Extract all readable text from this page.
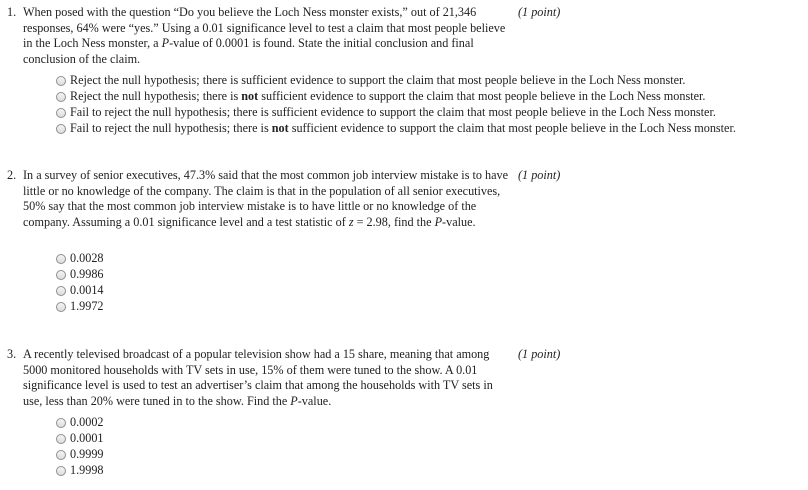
1. When posed with the question “Do you believe the Loch Ness monster exists,” out of 21,346 responses, 64% were “yes.” Using a 0.01 significance level to test a claim that most people believe in the Loch Ness monster, a P-value of 0.0001 is found. State the initial conclusion and final conclusion of the claim.
(1 point)
Reject the null hypothesis; there is sufficient evidence to support the claim that most people believe in the Loch Ness monster.
Reject the null hypothesis; there is not sufficient evidence to support the claim that most people believe in the Loch Ness monster.
Fail to reject the null hypothesis; there is sufficient evidence to support the claim that most people believe in the Loch Ness monster.
Fail to reject the null hypothesis; there is not sufficient evidence to support the claim that most people believe in the Loch Ness monster.
2. In a survey of senior executives, 47.3% said that the most common job interview mistake is to have little or no knowledge of the company. The claim is that in the population of all senior executives, 50% say that the most common job interview mistake is to have little or no knowledge of the company. Assuming a 0.01 significance level and a test statistic of z = 2.98, find the P-value.
(1 point)
0.0028
0.9986
0.0014
1.9972
3. A recently televised broadcast of a popular television show had a 15 share, meaning that among 5000 monitored households with TV sets in use, 15% of them were tuned to the show. A 0.01 significance level is used to test an advertiser’s claim that among the households with TV sets in use, less than 20% were tuned in to the show. Find the P-value.
(1 point)
0.0002
0.0001
0.9999
1.9998
